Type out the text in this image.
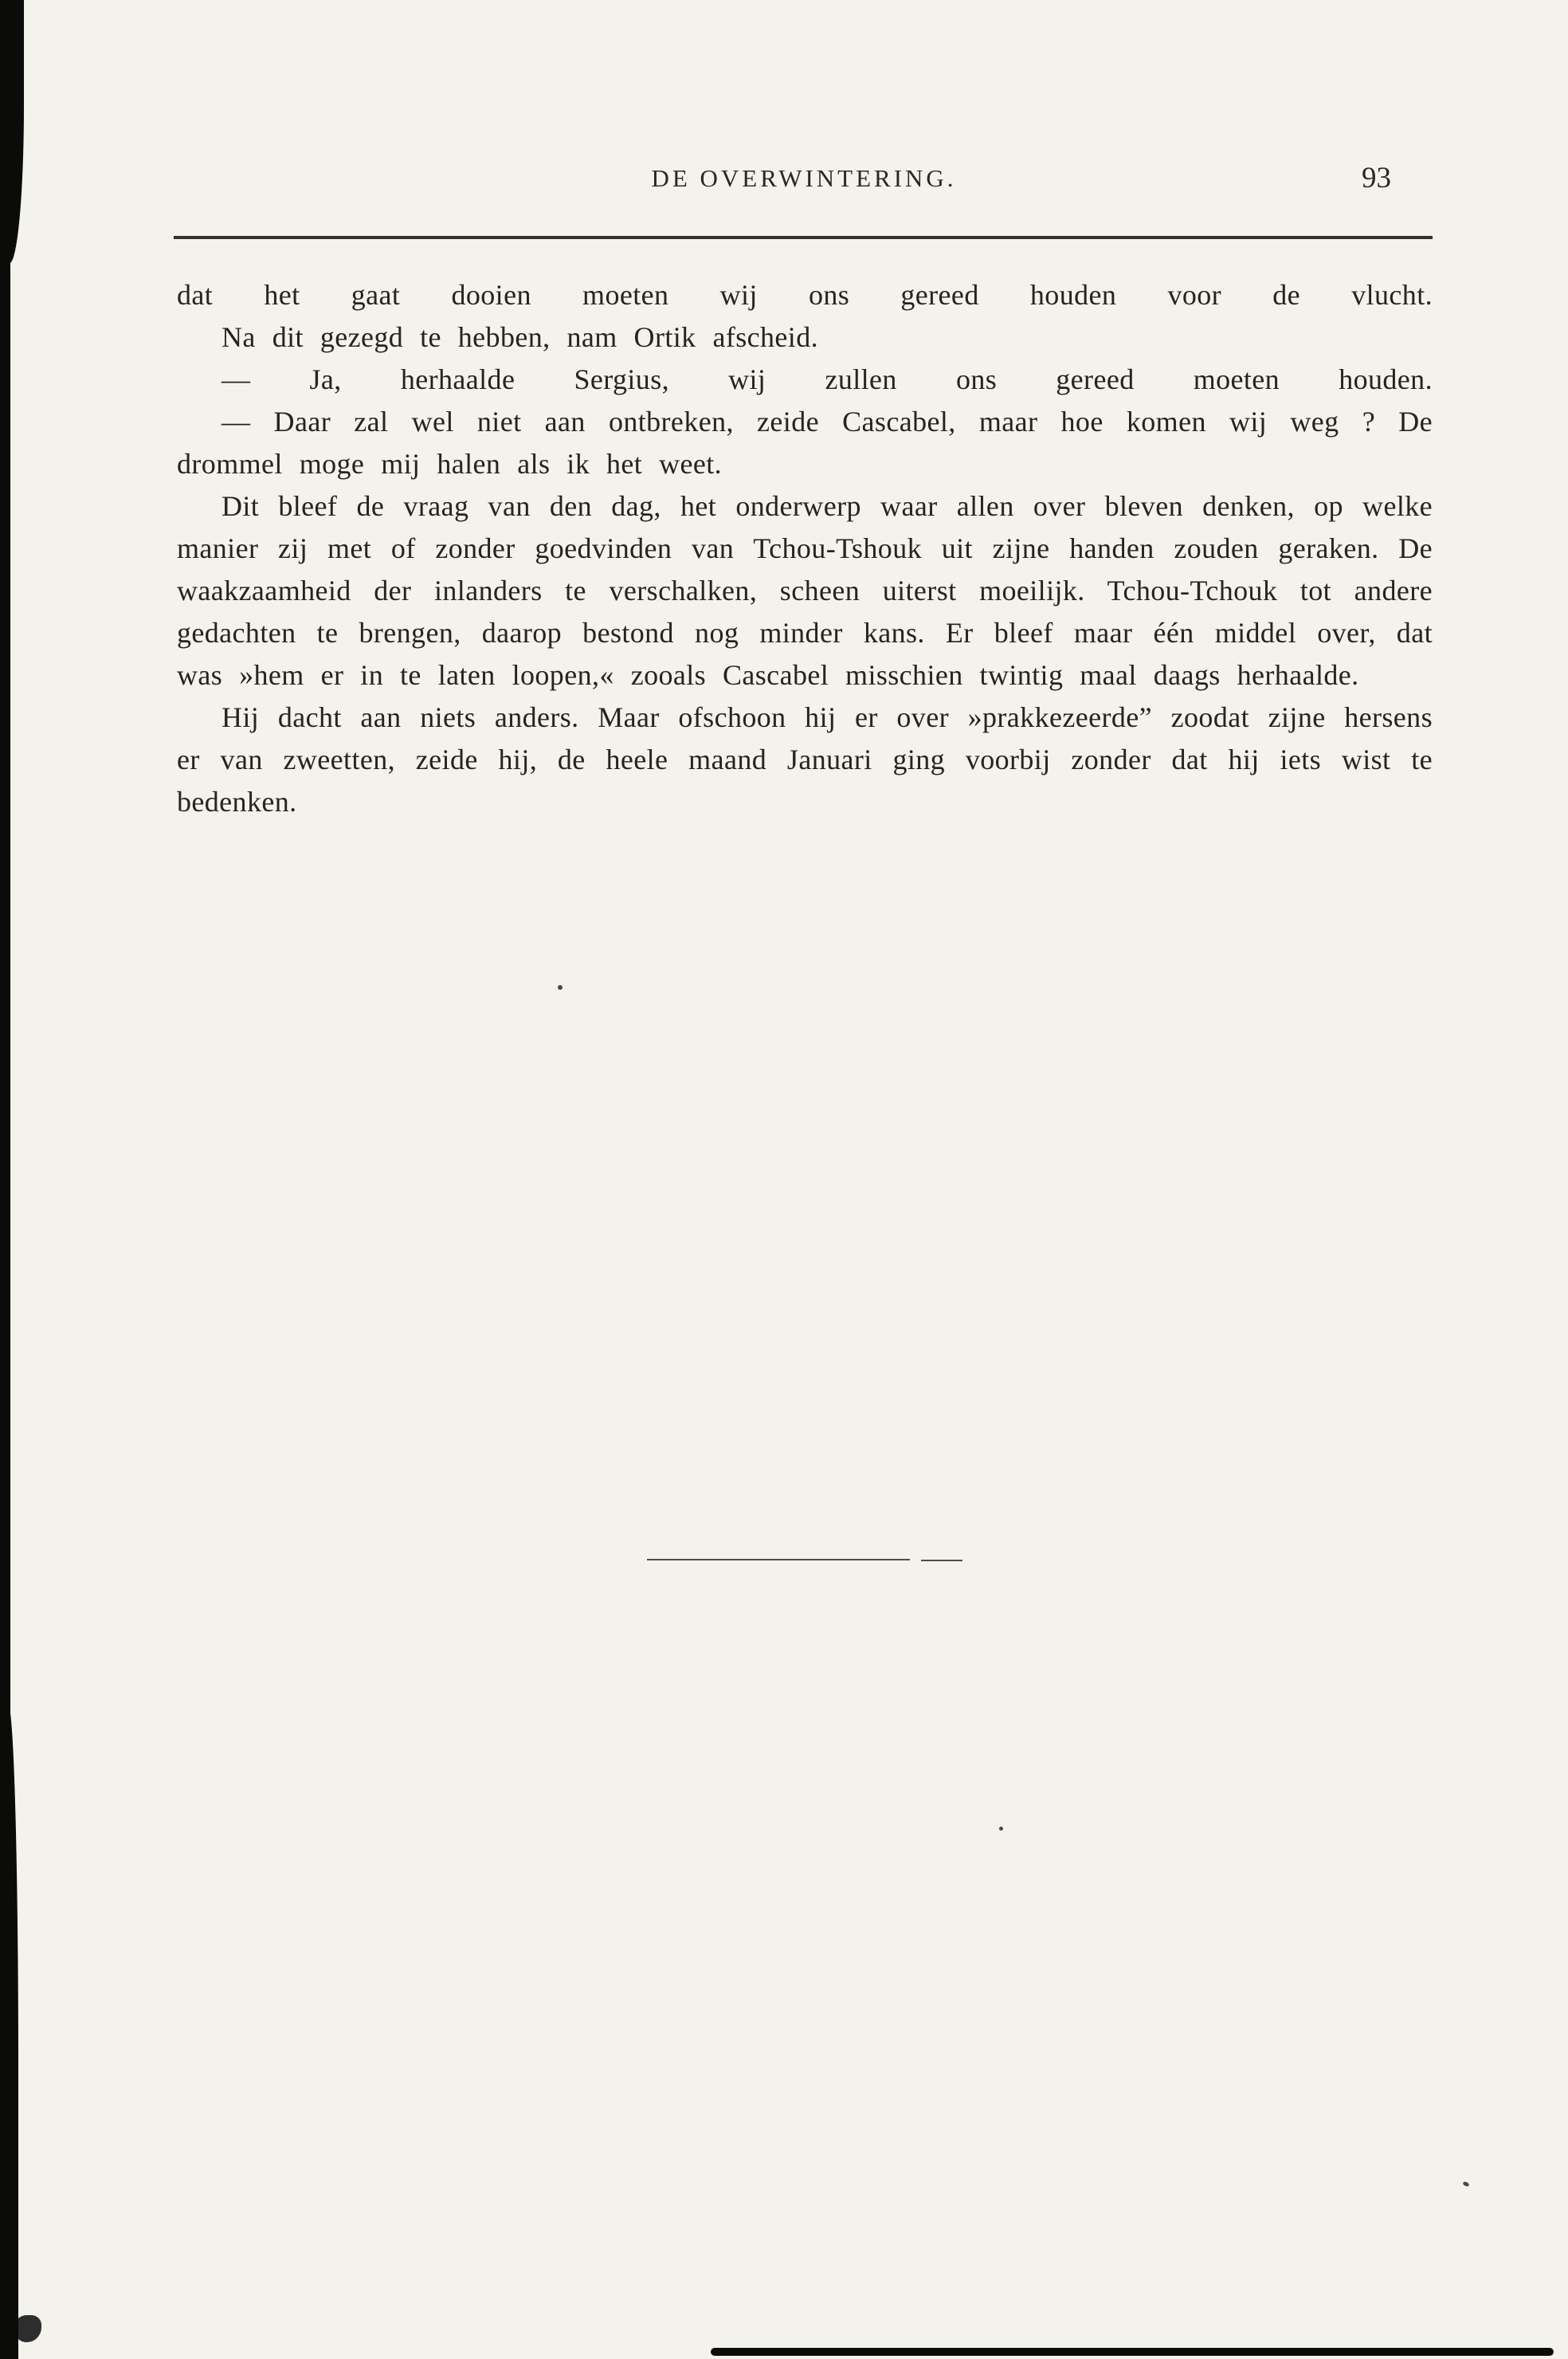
DE OVERWINTERING.	93

dat het gaat dooien moeten wij ons gereed houden voor de vlucht.

Na dit gezegd te hebben, nam Ortik afscheid.

— Ja, herhaalde Sergius, wij zullen ons gereed moeten houden.

— Daar zal wel niet aan ontbreken, zeide Cascabel, maar hoe komen wij weg ? De drommel moge mij halen als ik het weet.

Dit bleef de vraag van den dag, het onderwerp waar allen over bleven denken, op welke manier zij met of zonder goedvinden van Tchou-Tshouk uit zijne handen zouden geraken. De waakzaamheid der inlanders te verschalken, scheen uiterst moeilijk. Tchou-Tchouk tot andere gedachten te brengen, daarop bestond nog minder kans. Er bleef maar één middel over, dat was »hem er in te laten loopen,« zooals Cascabel misschien twintig maal daags herhaalde.

Hij dacht aan niets anders. Maar ofschoon hij er over »prakkezeerde” zoodat zijne hersens er van zweetten, zeide hij, de heele maand Januari ging voorbij zonder dat hij iets wist te bedenken.
